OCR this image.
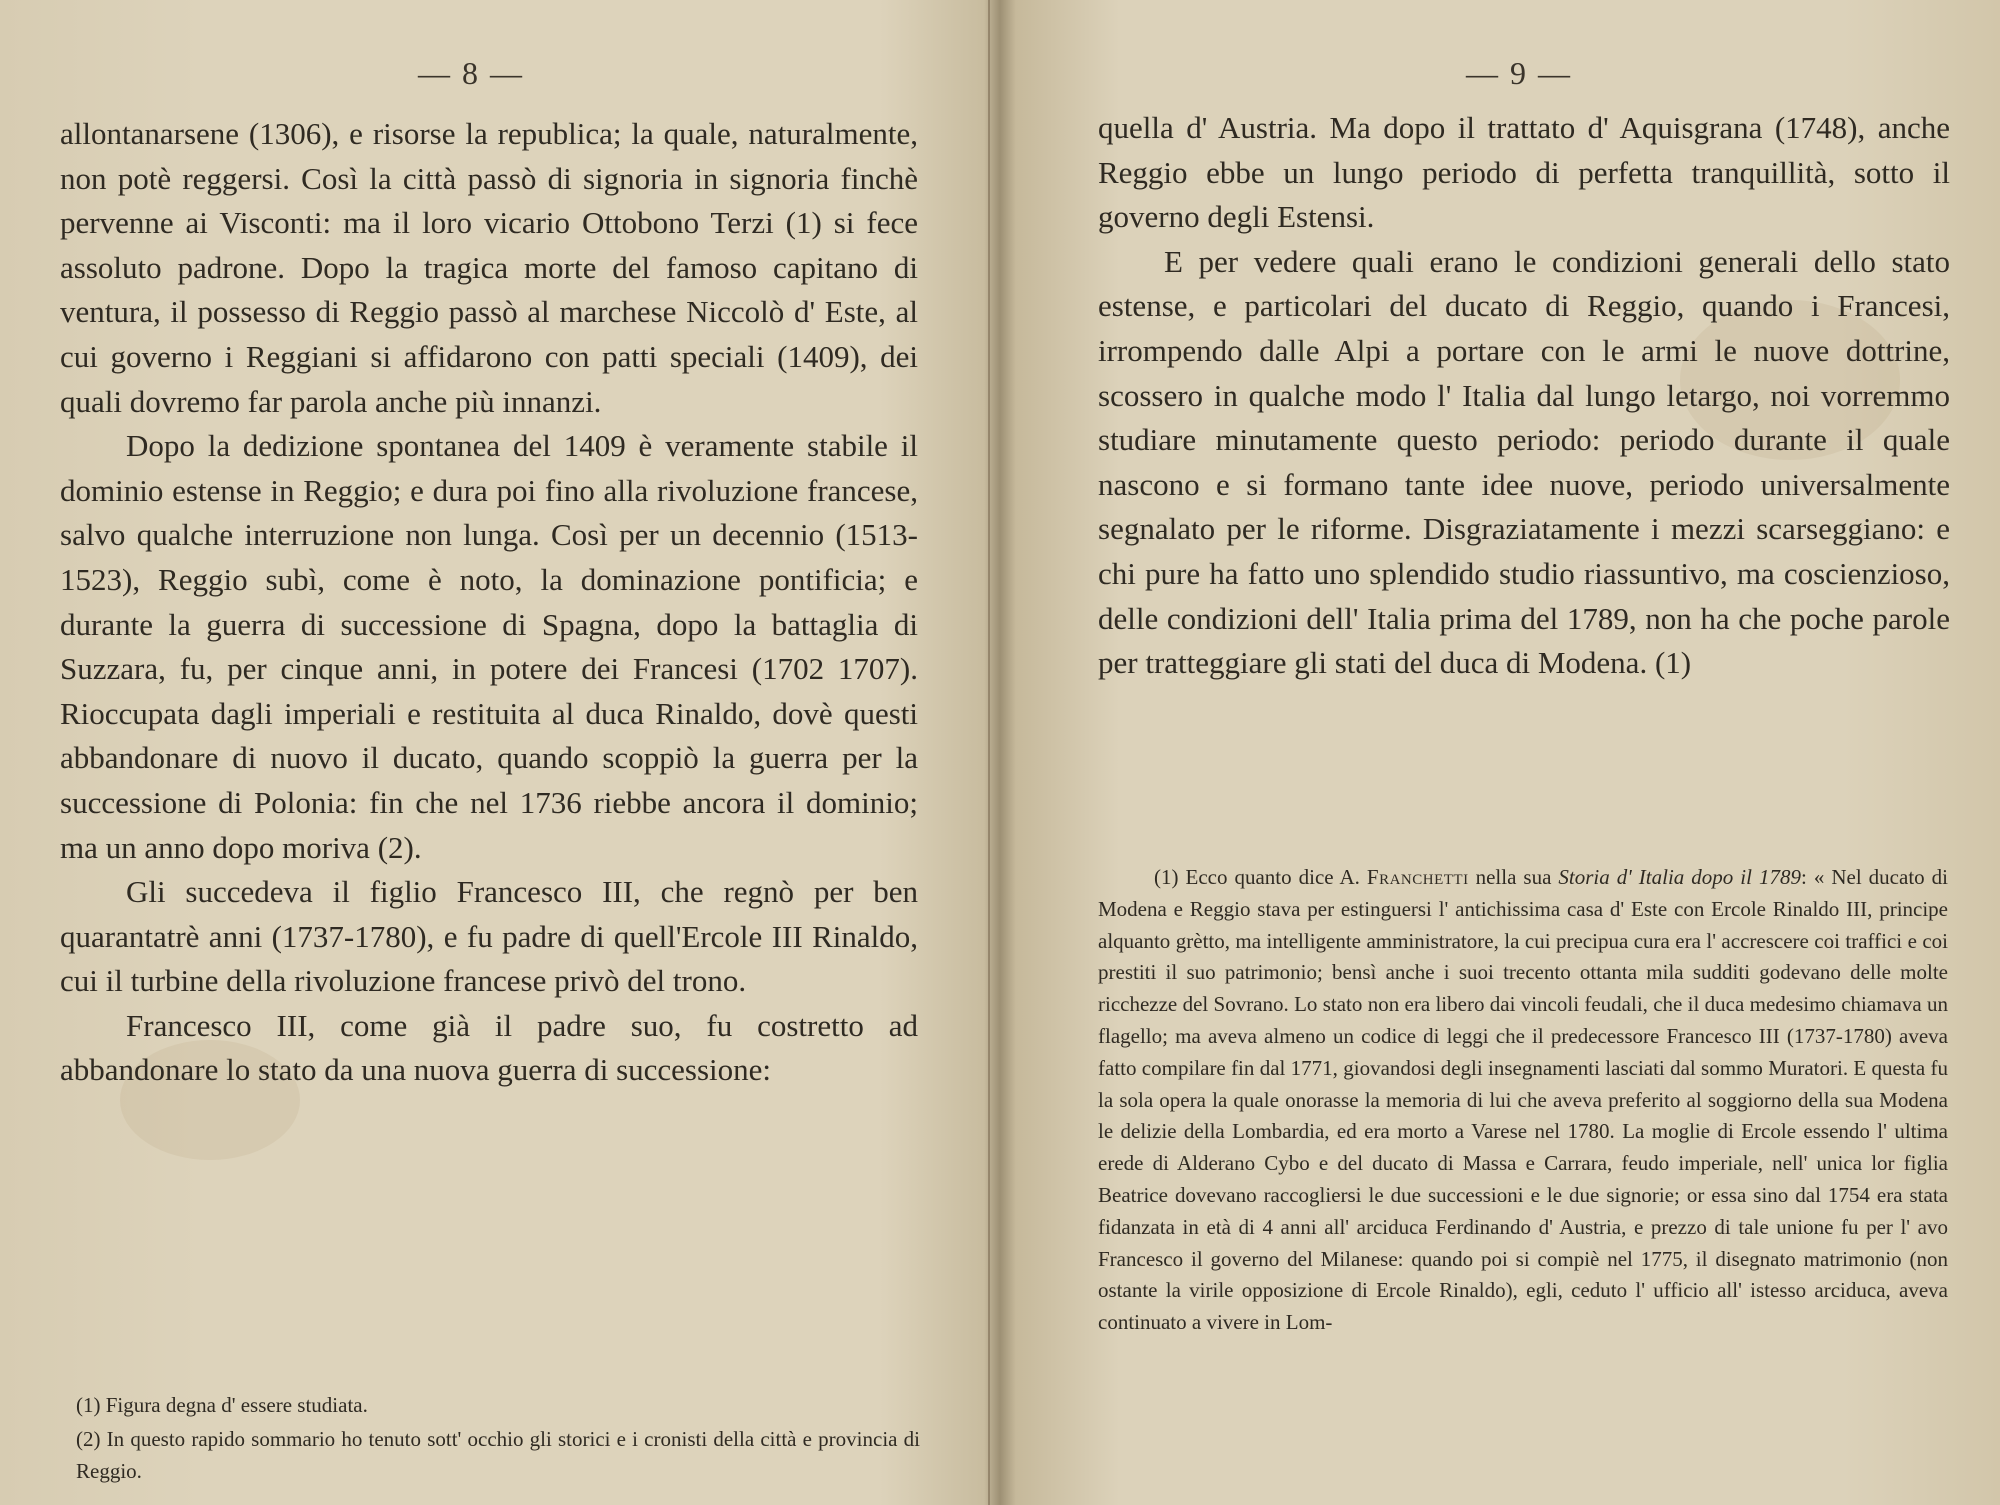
— 8 —

allontanarsene (1306), e risorse la republica; la quale, naturalmente, non potè reggersi. Così la città passò di signoria in signoria finchè pervenne ai Visconti: ma il loro vicario Ottobono Terzi (1) si fece assoluto padrone. Dopo la tragica morte del famoso capitano di ventura, il possesso di Reggio passò al marchese Niccolò d' Este, al cui governo i Reggiani si affidarono con patti speciali (1409), dei quali dovremo far parola anche più innanzi.

Dopo la dedizione spontanea del 1409 è veramente stabile il dominio estense in Reggio; e dura poi fino alla rivoluzione francese, salvo qualche interruzione non lunga. Così per un decennio (1513-1523), Reggio subì, come è noto, la dominazione pontificia; e durante la guerra di successione di Spagna, dopo la battaglia di Suzzara, fu, per cinque anni, in potere dei Francesi (1702 1707). Rioccupata dagli imperiali e restituita al duca Rinaldo, dovè questi abbandonare di nuovo il ducato, quando scoppiò la guerra per la successione di Polonia: fin che nel 1736 riebbe ancora il dominio; ma un anno dopo moriva (2).

Gli succedeva il figlio Francesco III, che regnò per ben quarantatrè anni (1737-1780), e fu padre di quell'Ercole III Rinaldo, cui il turbine della rivoluzione francese privò del trono.

Francesco III, come già il padre suo, fu costretto ad abbandonare lo stato da una nuova guerra di successione:

(1) Figura degna d' essere studiata.

(2) In questo rapido sommario ho tenuto sott' occhio gli storici e i cronisti della città e provincia di Reggio.

— 9 —

quella d' Austria. Ma dopo il trattato d' Aquisgrana (1748), anche Reggio ebbe un lungo periodo di perfetta tranquillità, sotto il governo degli Estensi.

E per vedere quali erano le condizioni generali dello stato estense, e particolari del ducato di Reggio, quando i Francesi, irrompendo dalle Alpi a portare con le armi le nuove dottrine, scossero in qualche modo l' Italia dal lungo letargo, noi vorremmo studiare minutamente questo periodo: periodo durante il quale nascono e si formano tante idee nuove, periodo universalmente segnalato per le riforme. Disgraziatamente i mezzi scarseggiano: e chi pure ha fatto uno splendido studio riassuntivo, ma coscienzioso, delle condizioni dell' Italia prima del 1789, non ha che poche parole per tratteggiare gli stati del duca di Modena. (1)

(1) Ecco quanto dice A. Franchetti nella sua Storia d' Italia dopo il 1789: « Nel ducato di Modena e Reggio stava per estinguersi l' antichissima casa d' Este con Ercole Rinaldo III, principe alquanto grètto, ma intelligente amministratore, la cui precipua cura era l' accrescere coi traffici e coi prestiti il suo patrimonio; bensì anche i suoi trecento ottanta mila sudditi godevano delle molte ricchezze del Sovrano. Lo stato non era libero dai vincoli feudali, che il duca medesimo chiamava un flagello; ma aveva almeno un codice di leggi che il predecessore Francesco III (1737-1780) aveva fatto compilare fin dal 1771, giovandosi degli insegnamenti lasciati dal sommo Muratori. E questa fu la sola opera la quale onorasse la memoria di lui che aveva preferito al soggiorno della sua Modena le delizie della Lombardia, ed era morto a Varese nel 1780. La moglie di Ercole essendo l' ultima erede di Alderano Cybo e del ducato di Massa e Carrara, feudo imperiale, nell' unica lor figlia Beatrice dovevano raccogliersi le due successioni e le due signorie; or essa sino dal 1754 era stata fidanzata in età di 4 anni all' arciduca Ferdinando d' Austria, e prezzo di tale unione fu per l' avo Francesco il governo del Milanese: quando poi si compiè nel 1775, il disegnato matrimonio (non ostante la virile opposizione di Ercole Rinaldo), egli, ceduto l' ufficio all' istesso arciduca, aveva continuato a vivere in Lom-
